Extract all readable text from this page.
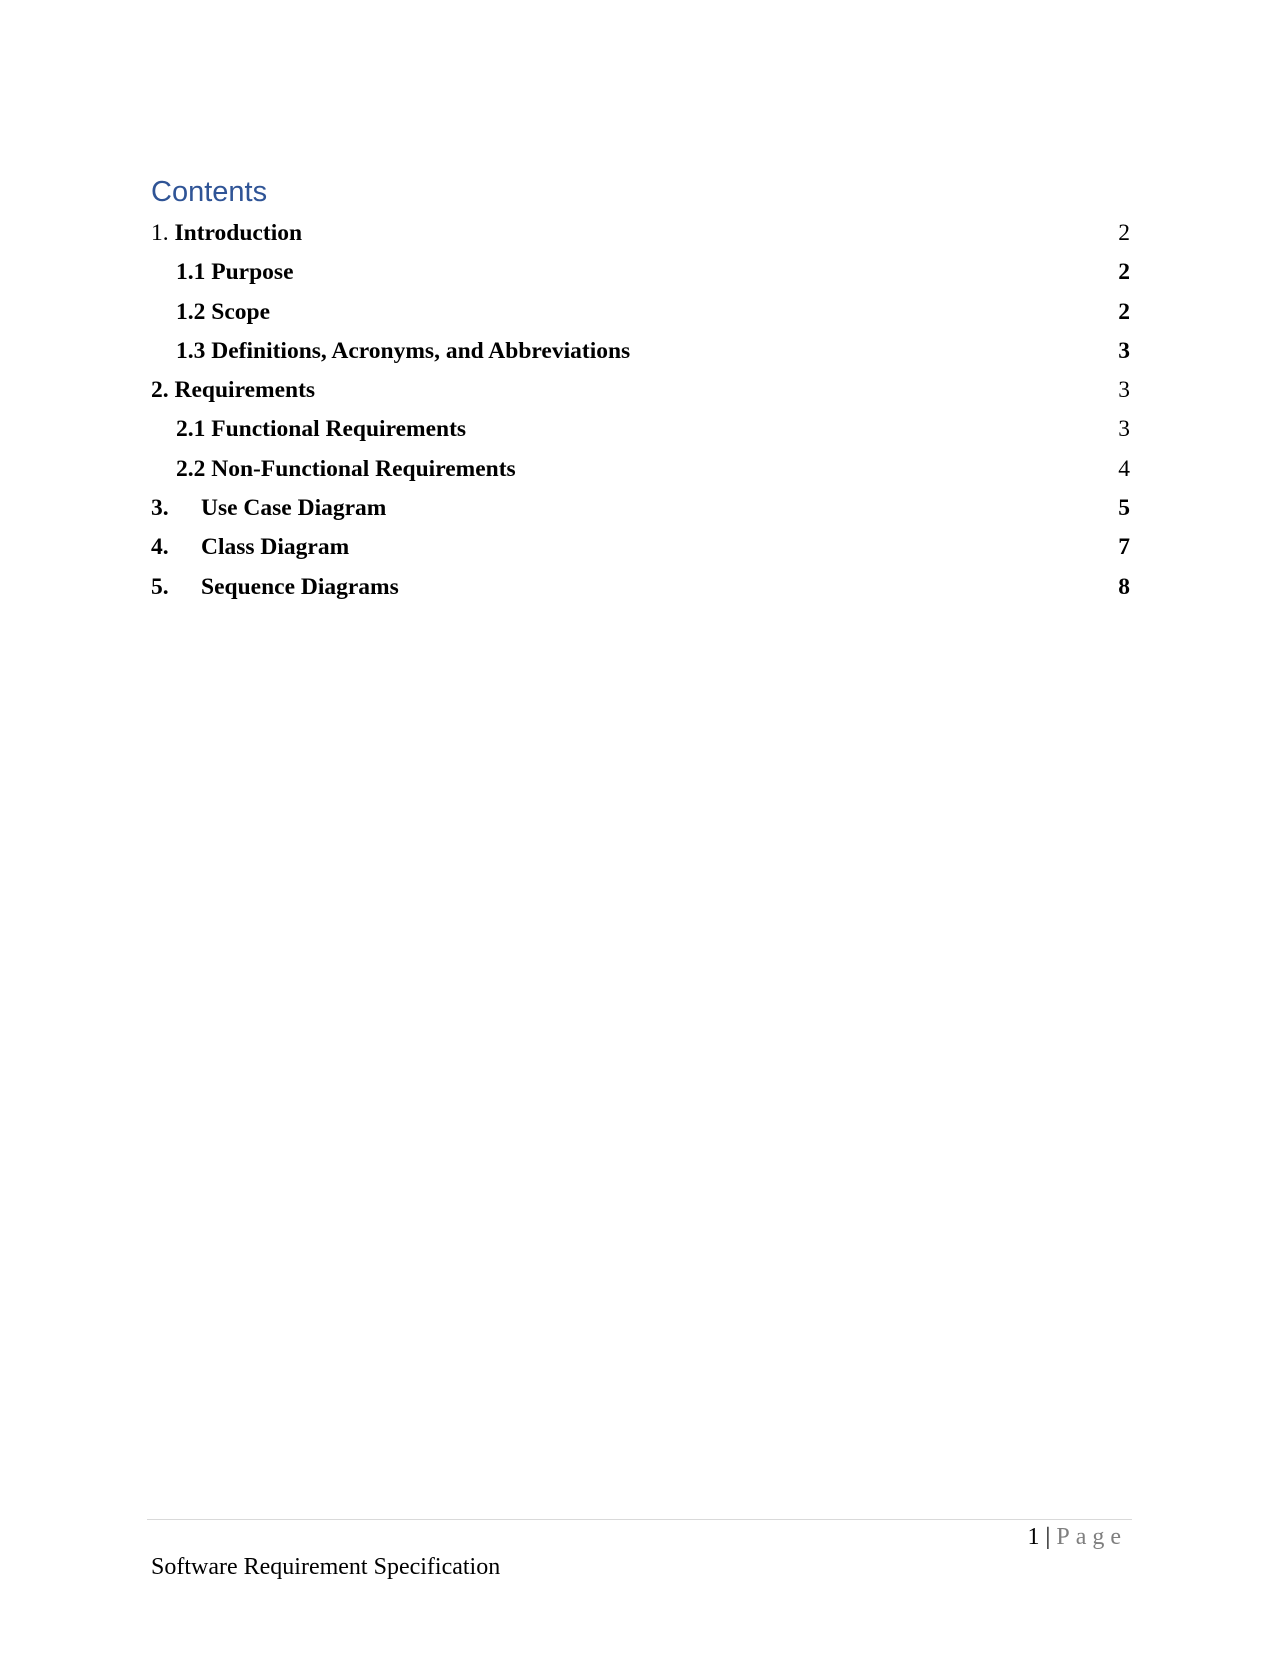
Contents
1. Introduction	2
1.1 Purpose	2
1.2 Scope	2
1.3 Definitions, Acronyms, and Abbreviations	3
2. Requirements	3
2.1 Functional Requirements	3
2.2 Non-Functional Requirements	4
3. Use Case Diagram	5
4. Class Diagram	7
5. Sequence Diagrams	8
1 | Page
Software Requirement Specification
